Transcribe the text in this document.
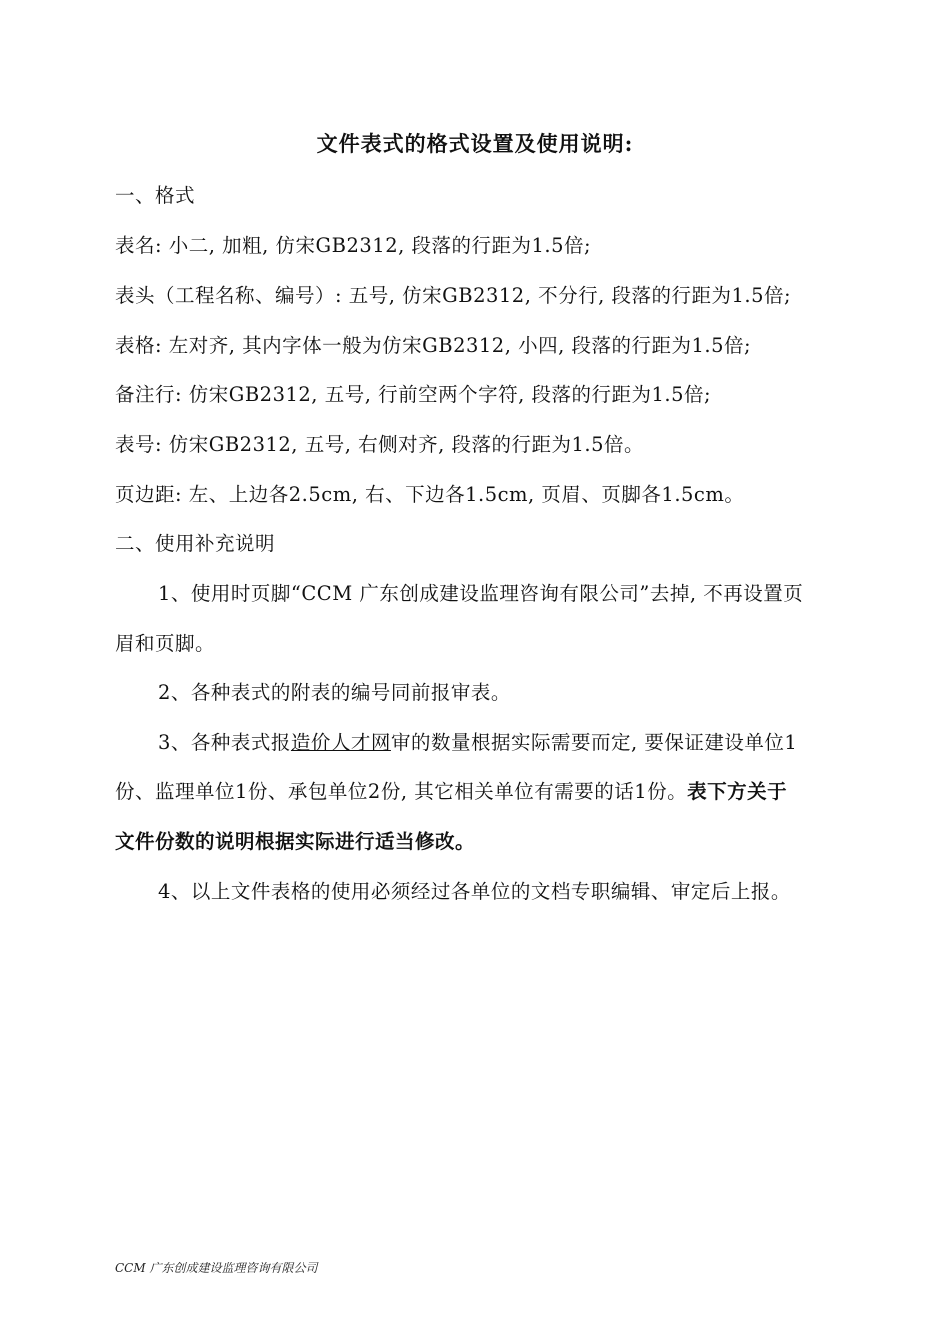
文件表式的格式设置及使用说明:
一、格式
表名: 小二, 加粗, 仿宋GB2312, 段落的行距为1.5倍;
表头（工程名称、编号）: 五号, 仿宋GB2312, 不分行, 段落的行距为1.5倍;
表格: 左对齐, 其内字体一般为仿宋GB2312, 小四, 段落的行距为1.5倍;
备注行: 仿宋GB2312, 五号, 行前空两个字符, 段落的行距为1.5倍;
表号: 仿宋GB2312, 五号, 右侧对齐, 段落的行距为1.5倍。
页边距: 左、上边各2.5cm, 右、下边各1.5cm, 页眉、页脚各1.5cm。
二、使用补充说明
1、使用时页脚“CCM 广东创成建设监理咨询有限公司”去掉, 不再设置页
眉和页脚。
2、各种表式的附表的编号同前报审表。
3、各种表式报造价人才网审的数量根据实际需要而定, 要保证建设单位1
份、监理单位1份、承包单位2份, 其它相关单位有需要的话1份。表下方关于
文件份数的说明根据实际进行适当修改。
4、以上文件表格的使用必须经过各单位的文档专职编辑、审定后上报。
CCM 广东创成建设监理咨询有限公司
